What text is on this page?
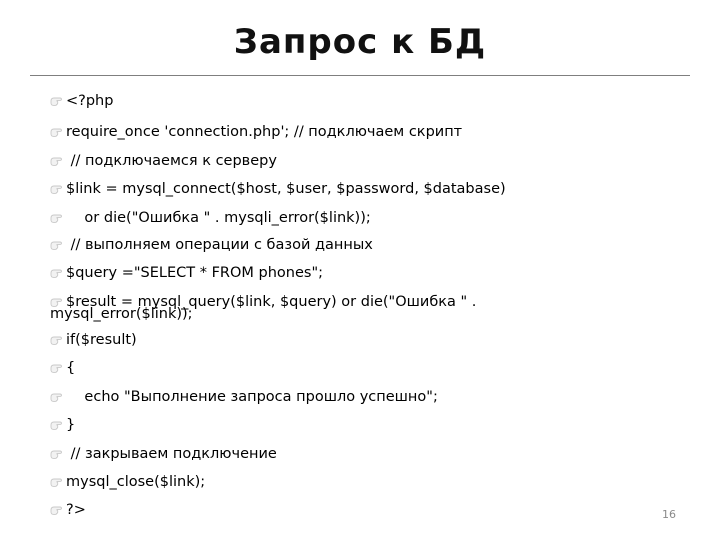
Запрос к БД
<?php
require_once 'connection.php'; // подключаем скрипт
// подключаемся к серверу
$link = mysql_connect($host, $user, $password, $database)
or die("Ошибка " . mysqli_error($link));
// выполняем операции с базой данных
$query ="SELECT * FROM phones";
$result = mysql_query($link, $query) or die("Ошибка " .
mysql_error($link));
if($result)
{
echo "Выполнение запроса прошло успешно";
}
// закрываем подключение
mysql_close($link);
?>	16
